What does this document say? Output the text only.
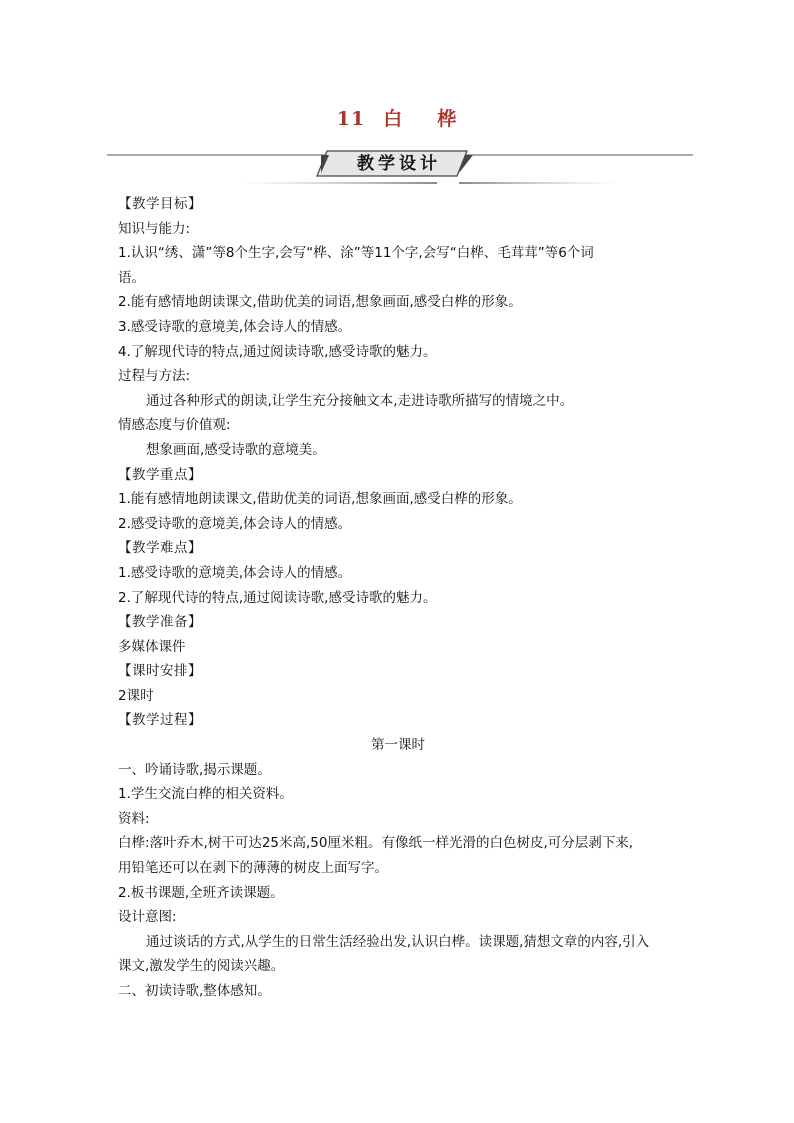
11 白 桦
教学设计
【教学目标】
知识与能力:
1.认识“绣、潇”等8个生字,会写“桦、涂”等11个字,会写“白桦、毛茸茸”等6个词
语。
2.能有感情地朗读课文,借助优美的词语,想象画面,感受白桦的形象。
3.感受诗歌的意境美,体会诗人的情感。
4.了解现代诗的特点,通过阅读诗歌,感受诗歌的魅力。
过程与方法:
通过各种形式的朗读,让学生充分接触文本,走进诗歌所描写的情境之中。
情感态度与价值观:
想象画面,感受诗歌的意境美。
【教学重点】
1.能有感情地朗读课文,借助优美的词语,想象画面,感受白桦的形象。
2.感受诗歌的意境美,体会诗人的情感。
【教学难点】
1.感受诗歌的意境美,体会诗人的情感。
2.了解现代诗的特点,通过阅读诗歌,感受诗歌的魅力。
【教学准备】
多媒体课件
【课时安排】
2课时
【教学过程】
第一课时
一、吟诵诗歌,揭示课题。
1.学生交流白桦的相关资料。
资料:
白桦:落叶乔木,树干可达25米高,50厘米粗。有像纸一样光滑的白色树皮,可分层剥下来,
用铅笔还可以在剥下的薄薄的树皮上面写字。
2.板书课题,全班齐读课题。
设计意图:
通过谈话的方式,从学生的日常生活经验出发,认识白桦。读课题,猜想文章的内容,引入
课文,激发学生的阅读兴趣。
二、初读诗歌,整体感知。
